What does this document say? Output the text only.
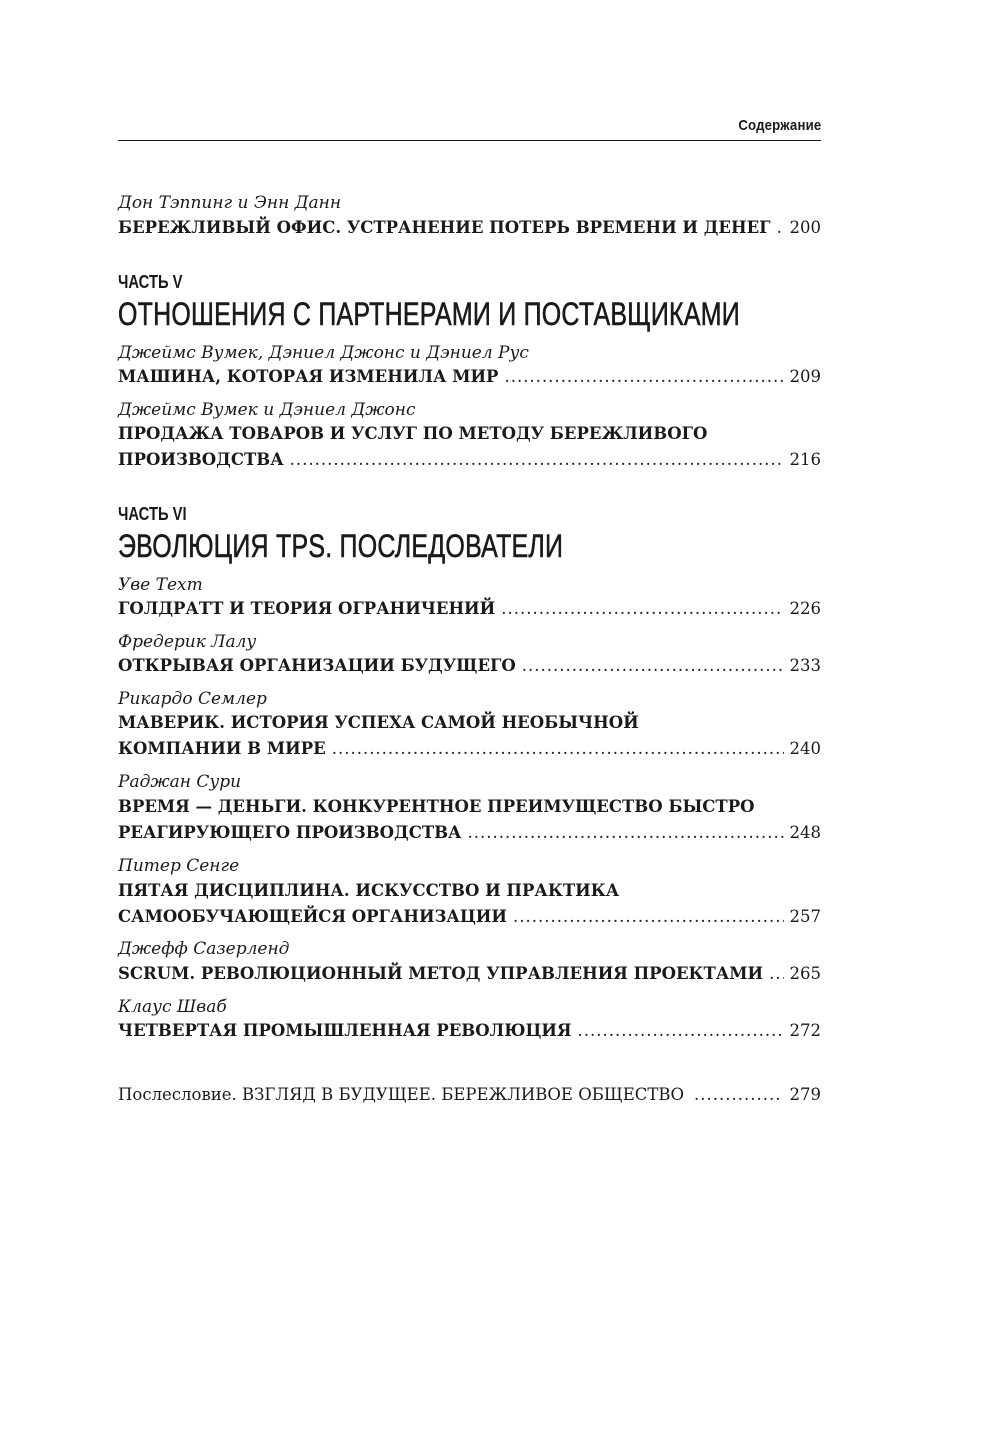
Содержание
Дон Тэппинг и Энн Данн
БЕРЕЖЛИВЫЙ ОФИС. УСТРАНЕНИЕ ПОТЕРЬ ВРЕМЕНИ И ДЕНЕГ ..... 200
ЧАСТЬ V
ОТНОШЕНИЯ С ПАРТНЕРАМИ И ПОСТАВЩИКАМИ
Джеймс Вумек, Дэниел Джонс и Дэниел Рус
МАШИНА, КОТОРАЯ ИЗМЕНИЛА МИР .....	209
Джеймс Вумек и Дэниел Джонс
ПРОДАЖА ТОВАРОВ И УСЛУГ ПО МЕТОДУ БЕРЕЖЛИВОГО
ПРОИЗВОДСТВА .....	216
ЧАСТЬ VI
ЭВОЛЮЦИЯ TPS. ПОСЛЕДОВАТЕЛИ
Уве Техт
ГОЛДРАТТ И ТЕОРИЯ ОГРАНИЧЕНИЙ .....	226
Фредерик Лалу
ОТКРЫВАЯ ОРГАНИЗАЦИИ БУДУЩЕГО .....	233
Рикардо Семлер
МАВЕРИК. ИСТОРИЯ УСПЕХА САМОЙ НЕОБЫЧНОЙ
КОМПАНИИ В МИРЕ .....	240
Раджан Сури
ВРЕМЯ — ДЕНЬГИ. КОНКУРЕНТНОЕ ПРЕИМУЩЕСТВО БЫСТРО
РЕАГИРУЮЩЕГО ПРОИЗВОДСТВА .....	248
Питер Сенге
ПЯТАЯ ДИСЦИПЛИНА. ИСКУССТВО И ПРАКТИКА
САМООБУЧАЮЩЕЙСЯ ОРГАНИЗАЦИИ .....	257
Джефф Сазерленд
SCRUM. РЕВОЛЮЦИОННЫЙ МЕТОД УПРАВЛЕНИЯ ПРОЕКТАМИ ..... 265
Клаус Шваб
ЧЕТВЕРТАЯ ПРОМЫШЛЕННАЯ РЕВОЛЮЦИЯ .....	272
Послесловие. ВЗГЛЯД В БУДУЩЕЕ. БЕРЕЖЛИВОЕ ОБЩЕСТВО .....	279
